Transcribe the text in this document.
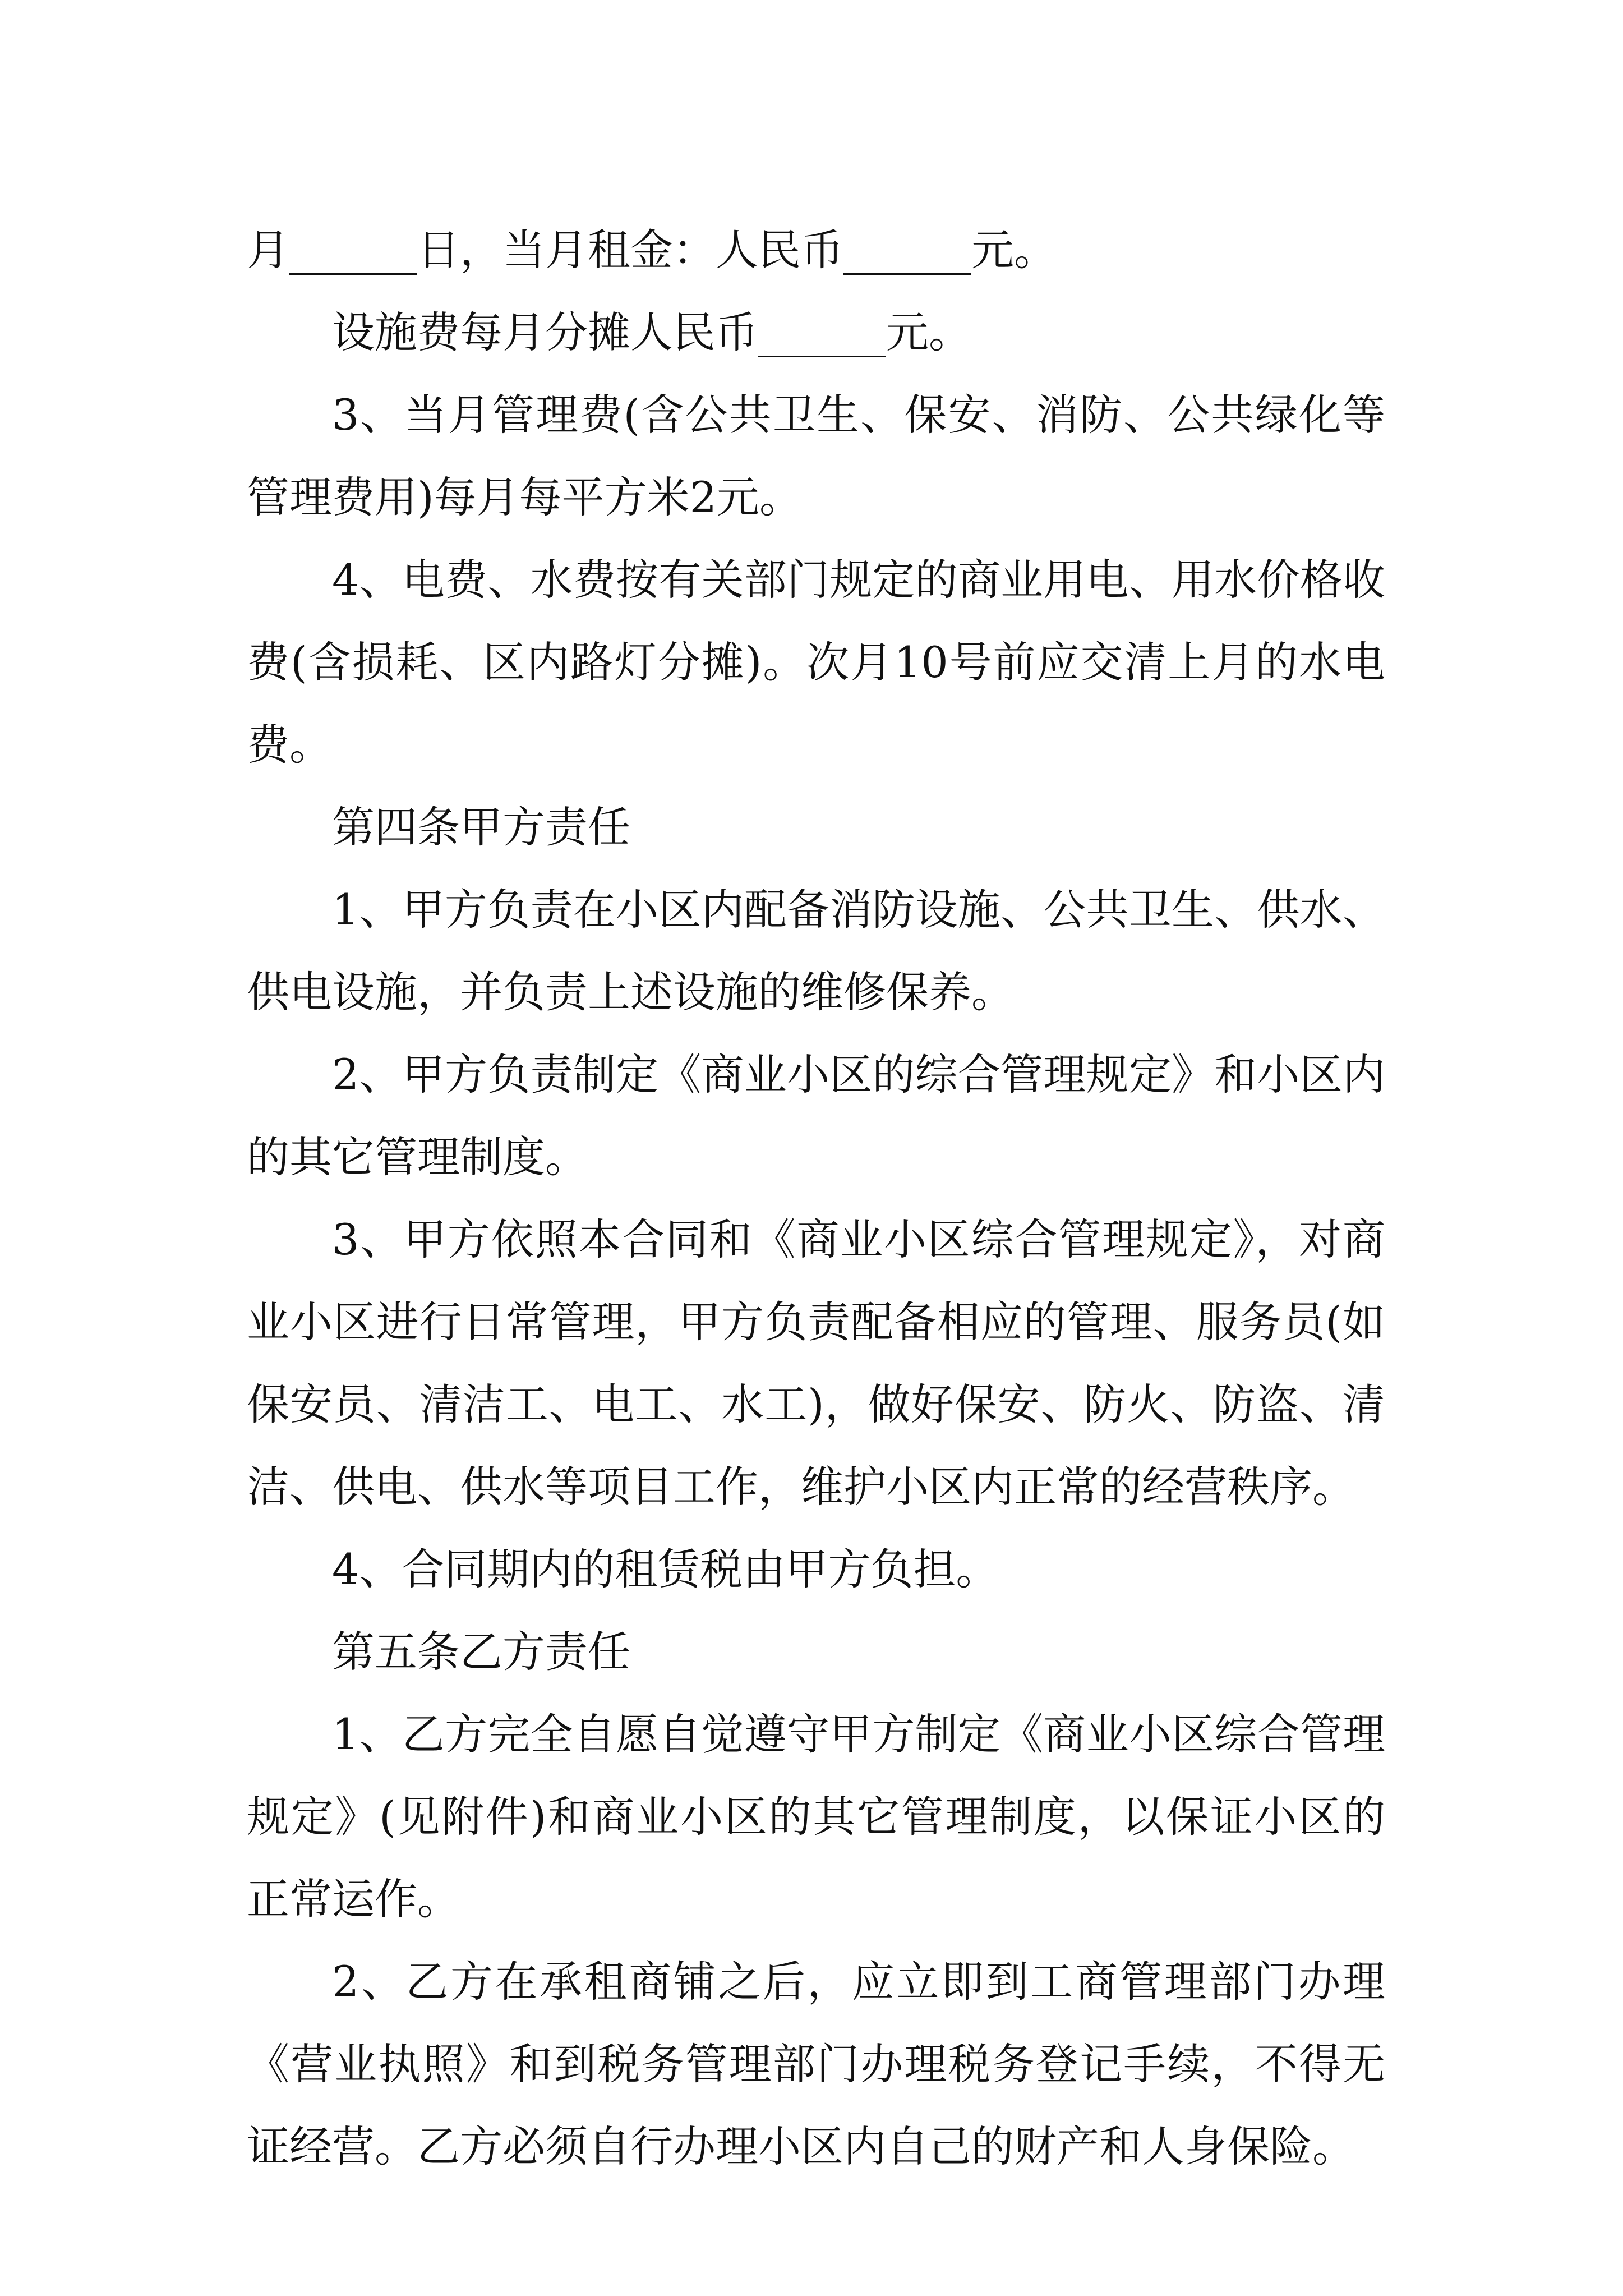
月______日，当月租金：人民币______元。

设施费每月分摊人民币______元。

3、当月管理费(含公共卫生、保安、消防、公共绿化等管理费用)每月每平方米2元。

4、电费、水费按有关部门规定的商业用电、用水价格收费(含损耗、区内路灯分摊)。次月10号前应交清上月的水电费。

第四条甲方责任

1、甲方负责在小区内配备消防设施、公共卫生、供水、供电设施，并负责上述设施的维修保养。

2、甲方负责制定《商业小区的综合管理规定》和小区内的其它管理制度。

3、甲方依照本合同和《商业小区综合管理规定》，对商业小区进行日常管理，甲方负责配备相应的管理、服务员(如保安员、清洁工、电工、水工)，做好保安、防火、防盗、清洁、供电、供水等项目工作，维护小区内正常的经营秩序。

4、合同期内的租赁税由甲方负担。

第五条乙方责任

1、乙方完全自愿自觉遵守甲方制定《商业小区综合管理规定》(见附件)和商业小区的其它管理制度，以保证小区的正常运作。

2、乙方在承租商铺之后，应立即到工商管理部门办理《营业执照》和到税务管理部门办理税务登记手续，不得无证经营。乙方必须自行办理小区内自己的财产和人身保险。
